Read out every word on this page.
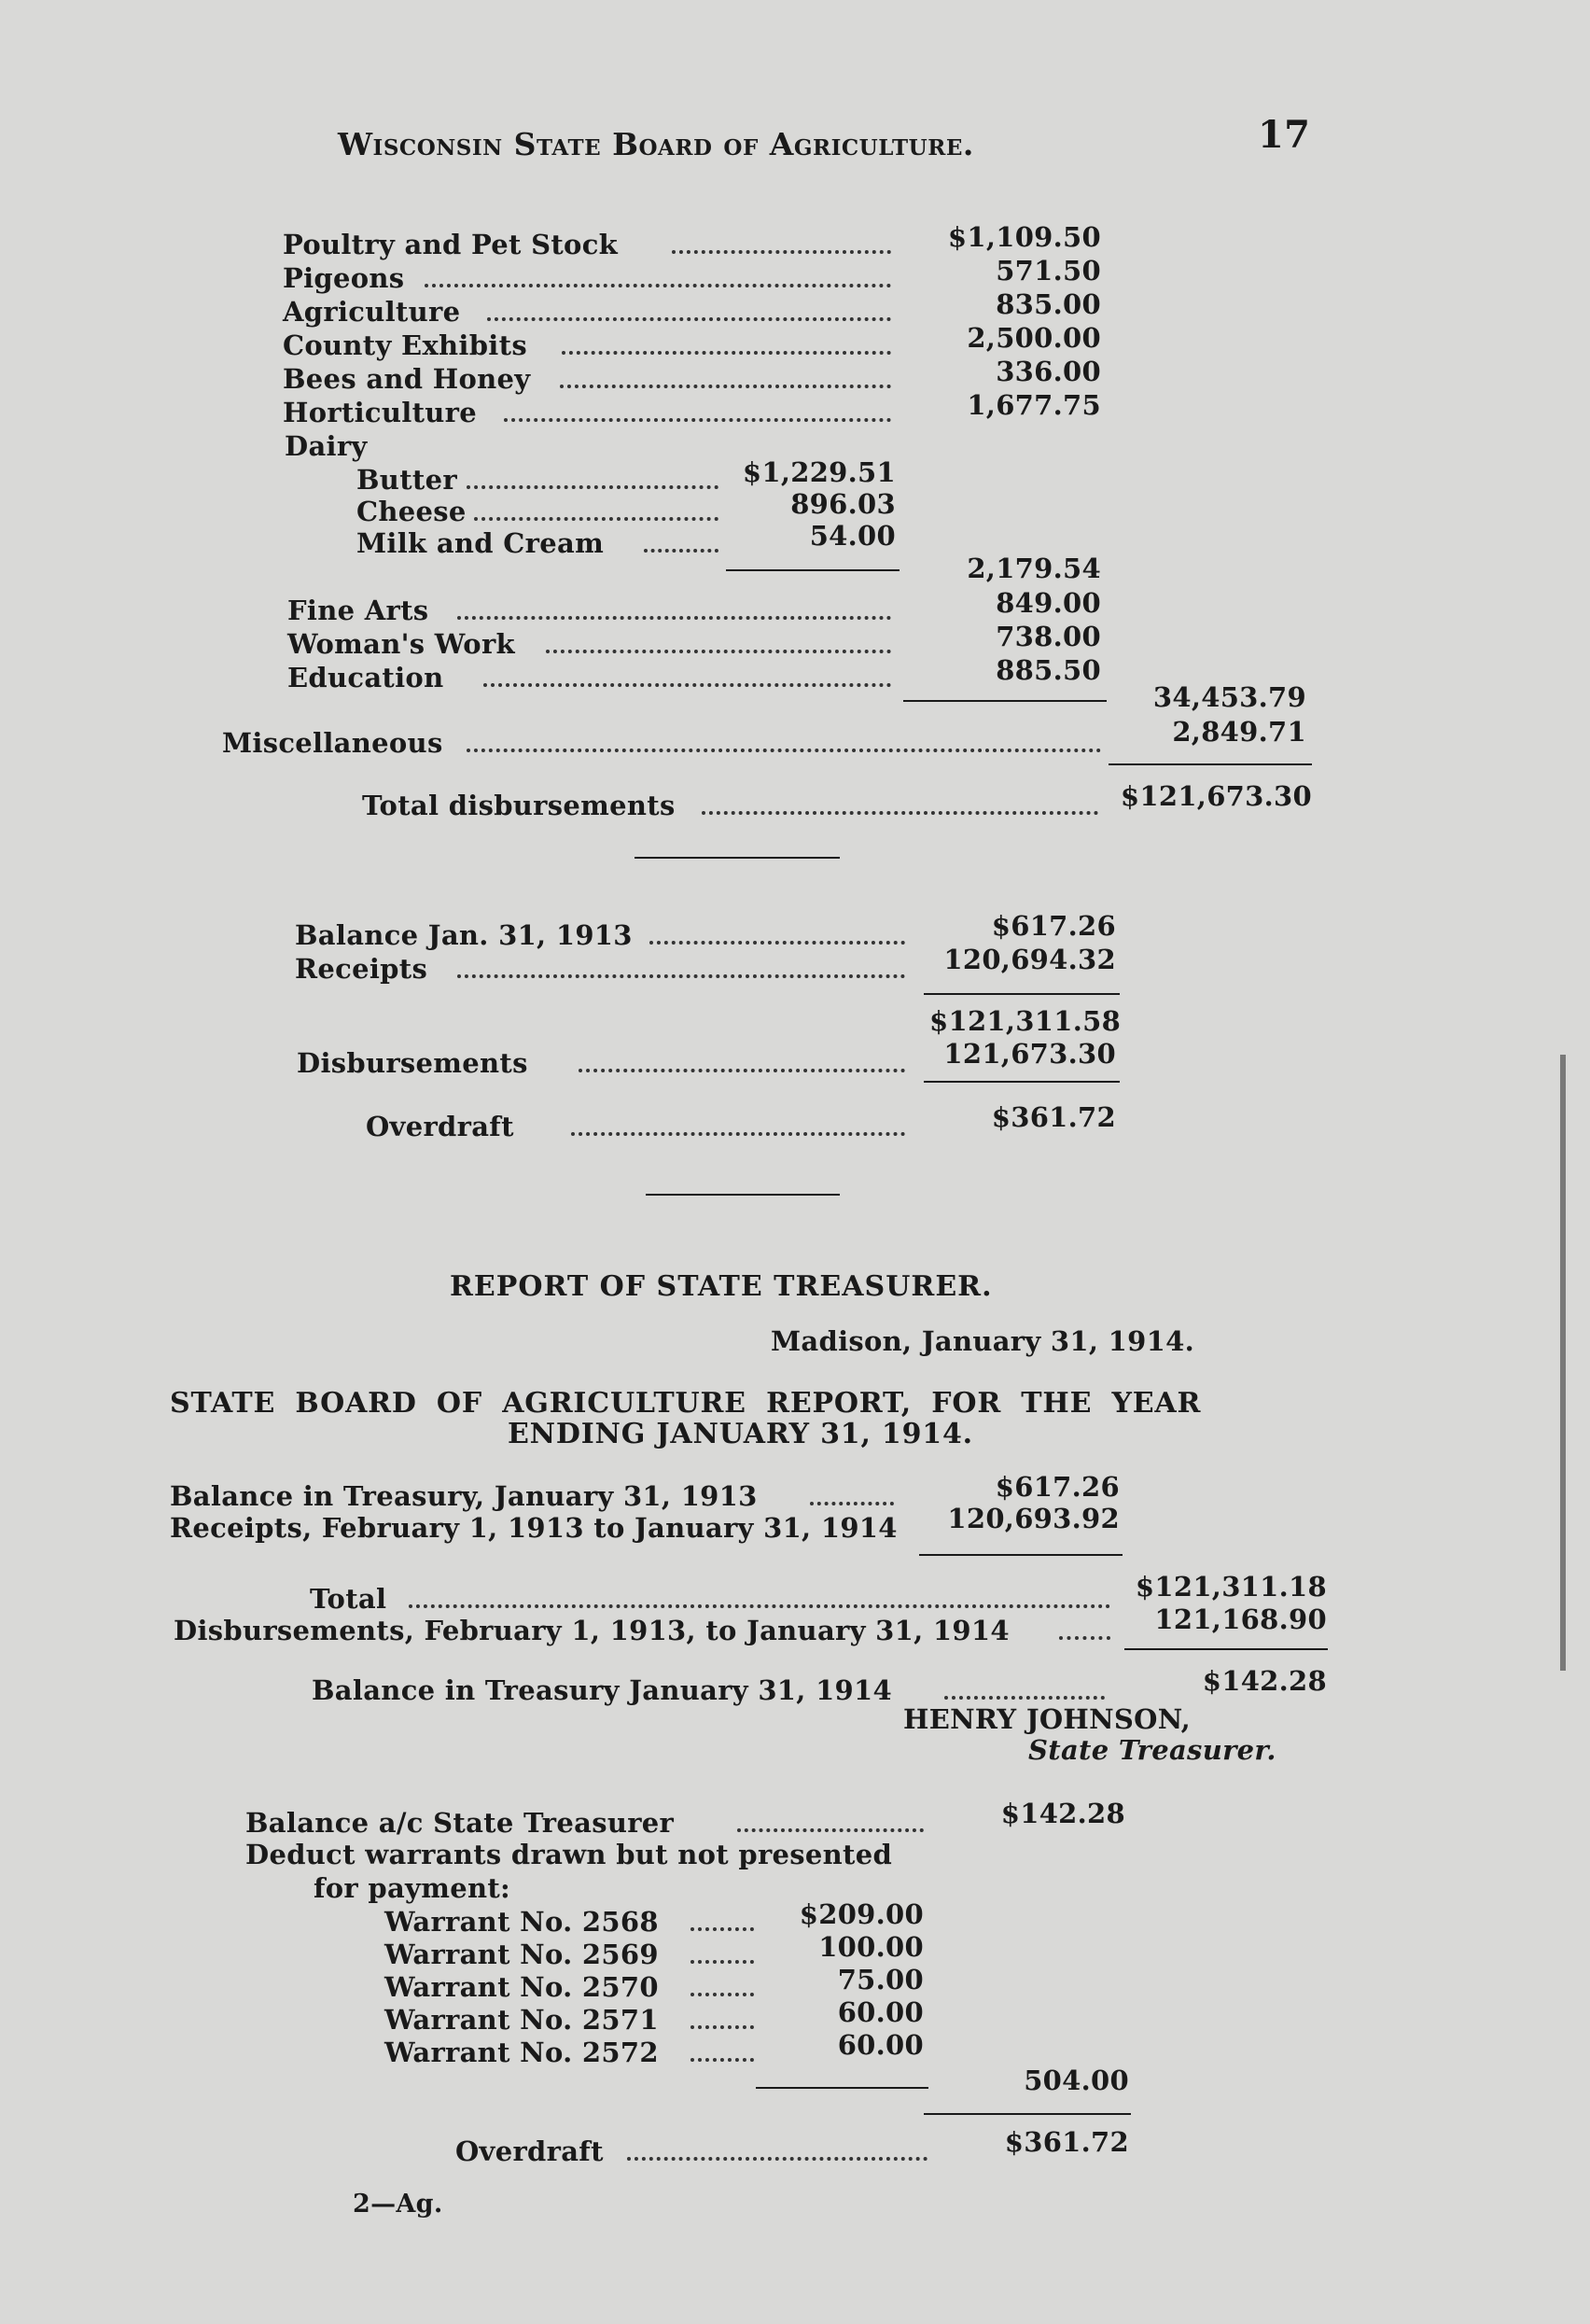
Wisconsin State Board of Agriculture.	17
Poultry and Pet Stock	$1,109.50
Pigeons	571.50
Agriculture	835.00
County Exhibits	2,500.00
Bees and Honey	336.00
Horticulture	1,677.75
Dairy
Butter	$1,229.51
Cheese	896.03
Milk and Cream	54.00
2,179.54
Fine Arts	849.00
Woman's Work	738.00
Education	885.50
34,453.79
Miscellaneous	2,849.71
Total disbursements	$121,673.30
Balance Jan. 31, 1913	$617.26
Receipts	120,694.32
$121,311.58
Disbursements	121,673.30
Overdraft	$361.72
REPORT OF STATE TREASURER.
Madison, January 31, 1914.
STATE BOARD OF AGRICULTURE REPORT, FOR THE YEAR
ENDING JANUARY 31, 1914.
Balance in Treasury, January 31, 1913	$617.26
Receipts, February 1, 1913 to January 31, 1914	120,693.92
Total	$121,311.18
Disbursements, February 1, 1913, to January 31, 1914	121,168.90
Balance in Treasury January 31, 1914	$142.28
HENRY JOHNSON,
State Treasurer.
Balance a/c State Treasurer	$142.28
Deduct warrants drawn but not presented
for payment:
Warrant No. 2568	$209.00
Warrant No. 2569	100.00
Warrant No. 2570	75.00
Warrant No. 2571	60.00
Warrant No. 2572	60.00
504.00
Overdraft	$361.72
2—Ag.
